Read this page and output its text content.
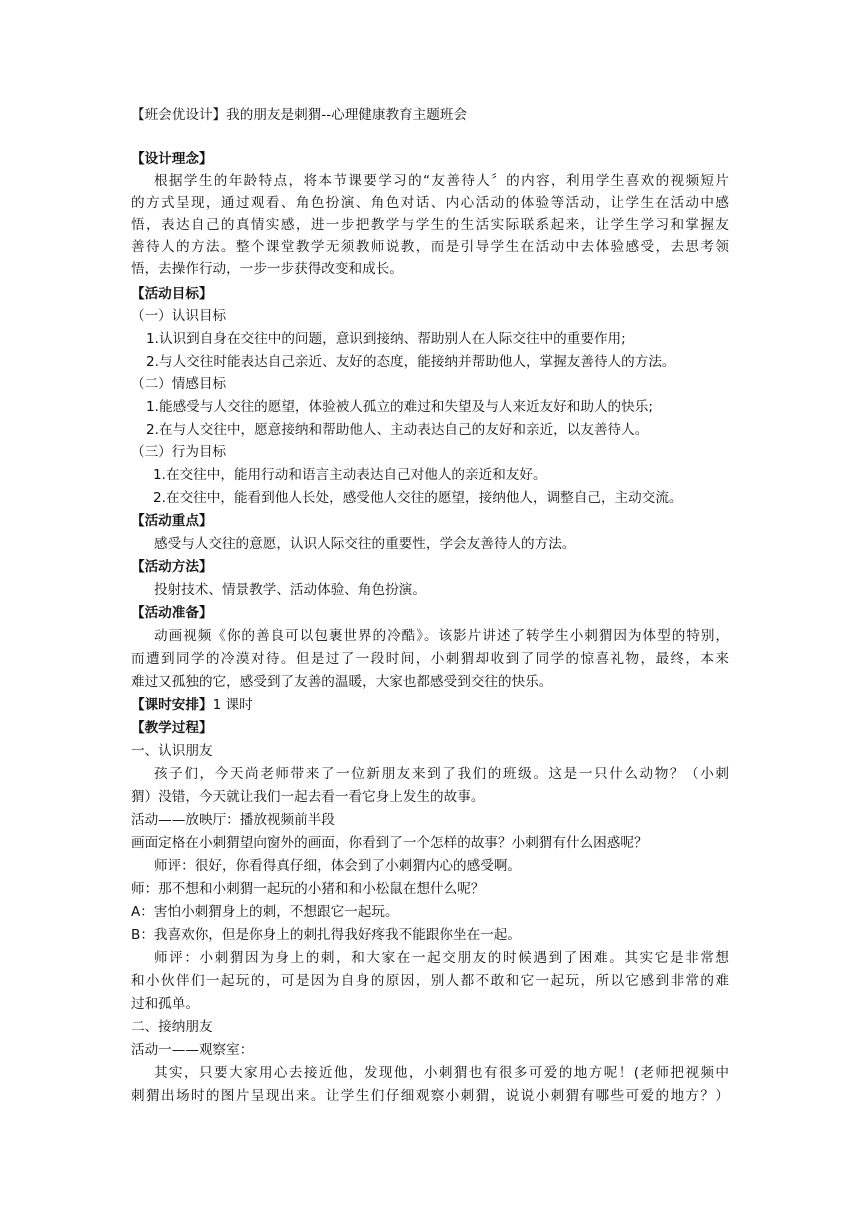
【班会优设计】我的朋友是刺猬--心理健康教育主题班会
【设计理念】
根据学生的年龄特点，将本节课要学习的“友善待人〞的内容，利用学生喜欢的视频短片
的方式呈现，通过观看、角色扮演、角色对话、内心活动的体验等活动，让学生在活动中感
悟，表达自己的真情实感，进一步把教学与学生的生活实际联系起来，让学生学习和掌握友
善待人的方法。整个课堂教学无须教师说教，而是引导学生在活动中去体验感受，去思考领
悟，去操作行动，一步一步获得改变和成长。
【活动目标】
（一）认识目标
1.认识到自身在交往中的问题，意识到接纳、帮助别人在人际交往中的重要作用;
2.与人交往时能表达自己亲近、友好的态度，能接纳并帮助他人，掌握友善待人的方法。
（二）情感目标
1.能感受与人交往的愿望，体验被人孤立的难过和失望及与人来近友好和助人的快乐;
2.在与人交往中，愿意接纳和帮助他人、主动表达自己的友好和亲近，以友善待人。
（三）行为目标
1.在交往中，能用行动和语言主动表达自己对他人的亲近和友好。
2.在交往中，能看到他人长处，感受他人交往的愿望，接纳他人，调整自己，主动交流。
【活动重点】
感受与人交往的意愿，认识人际交往的重要性，学会友善待人的方法。
【活动方法】
投射技术、情景教学、活动体验、角色扮演。
【活动准备】
动画视频《你的善良可以包裹世界的冷酷》。该影片讲述了转学生小刺猬因为体型的特别，
而遭到同学的冷漠对待。但是过了一段时间，小刺猬却收到了同学的惊喜礼物，最终，本来
难过又孤独的它，感受到了友善的温暖，大家也都感受到交往的快乐。
【课时安排】1 课时
【教学过程】
一、认识朋友
孩子们，今天尚老师带来了一位新朋友来到了我们的班级。这是一只什么动物？（小刺
猬）没错，今天就让我们一起去看一看它身上发生的故事。
活动——放映厅：播放视频前半段
画面定格在小刺猬望向窗外的画面，你看到了一个怎样的故事？小刺猬有什么困惑呢？
师评：很好，你看得真仔细，体会到了小刺猬内心的感受啊。
师：那不想和小刺猬一起玩的小猪和和小松鼠在想什么呢？
A：害怕小刺猬身上的刺，不想跟它一起玩。
B：我喜欢你，但是你身上的刺扎得我好疼我不能跟你坐在一起。
师评：小刺猬因为身上的刺，和大家在一起交朋友的时候遇到了困难。其实它是非常想
和小伙伴们一起玩的，可是因为自身的原因，别人都不敢和它一起玩，所以它感到非常的难
过和孤单。
二、接纳朋友
活动一——观察室：
其实，只要大家用心去接近他，发现他，小刺猬也有很多可爱的地方呢！(老师把视频中
刺猬出场时的图片呈现出来。让学生们仔细观察小刺猬，说说小刺猬有哪些可爱的地方？）
